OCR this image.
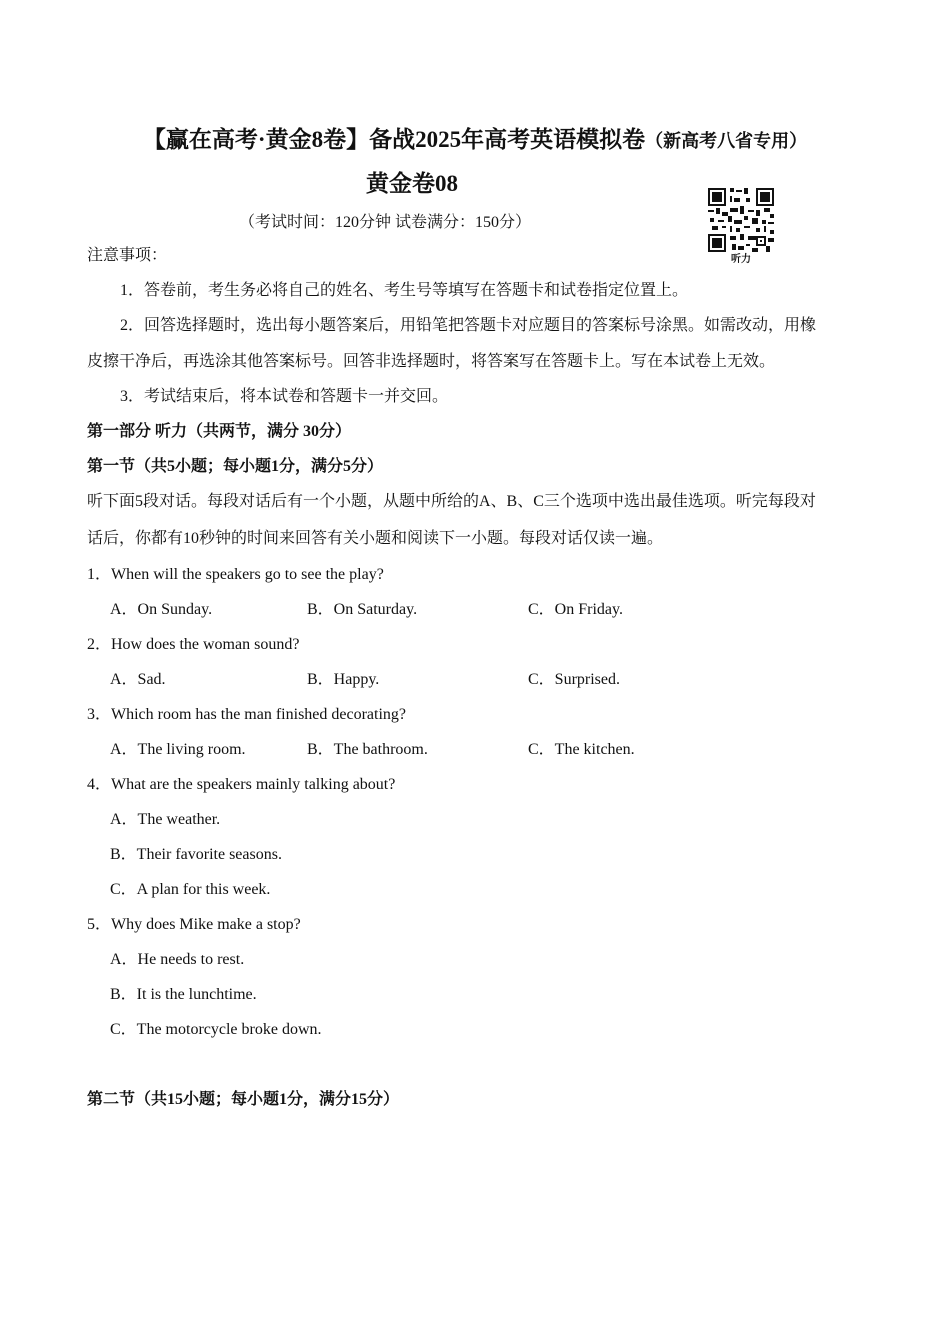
【赢在高考·黄金8卷】备战2025年高考英语模拟卷（新高考八省专用）
黄金卷08
（考试时间：120分钟 试卷满分：150分）
听力
注意事项：
1．答卷前，考生务必将自己的姓名、考生号等填写在答题卡和试卷指定位置上。
2．回答选择题时，选出每小题答案后，用铅笔把答题卡对应题目的答案标号涂黑。如需改动，用橡
皮擦干净后，再选涂其他答案标号。回答非选择题时，将答案写在答题卡上。写在本试卷上无效。
3．考试结束后，将本试卷和答题卡一并交回。
第一部分 听力（共两节，满分 30分）
第一节（共5小题；每小题1分，满分5分）
听下面5段对话。每段对话后有一个小题，从题中所给的A、B、C三个选项中选出最佳选项。听完每段对
话后，你都有10秒钟的时间来回答有关小题和阅读下一小题。每段对话仅读一遍。
1．When will the speakers go to see the play?
A．On Sunday.	B．On Saturday.	C．On Friday.
2．How does the woman sound?
A．Sad.	B．Happy.	C．Surprised.
3．Which room has the man finished decorating?
A．The living room.	B．The bathroom.	C．The kitchen.
4．What are the speakers mainly talking about?
A．The weather.
B．Their favorite seasons.
C．A plan for this week.
5．Why does Mike make a stop?
A．He needs to rest.
B．It is the lunchtime.
C．The motorcycle broke down.
第二节（共15小题；每小题1分，满分15分）
